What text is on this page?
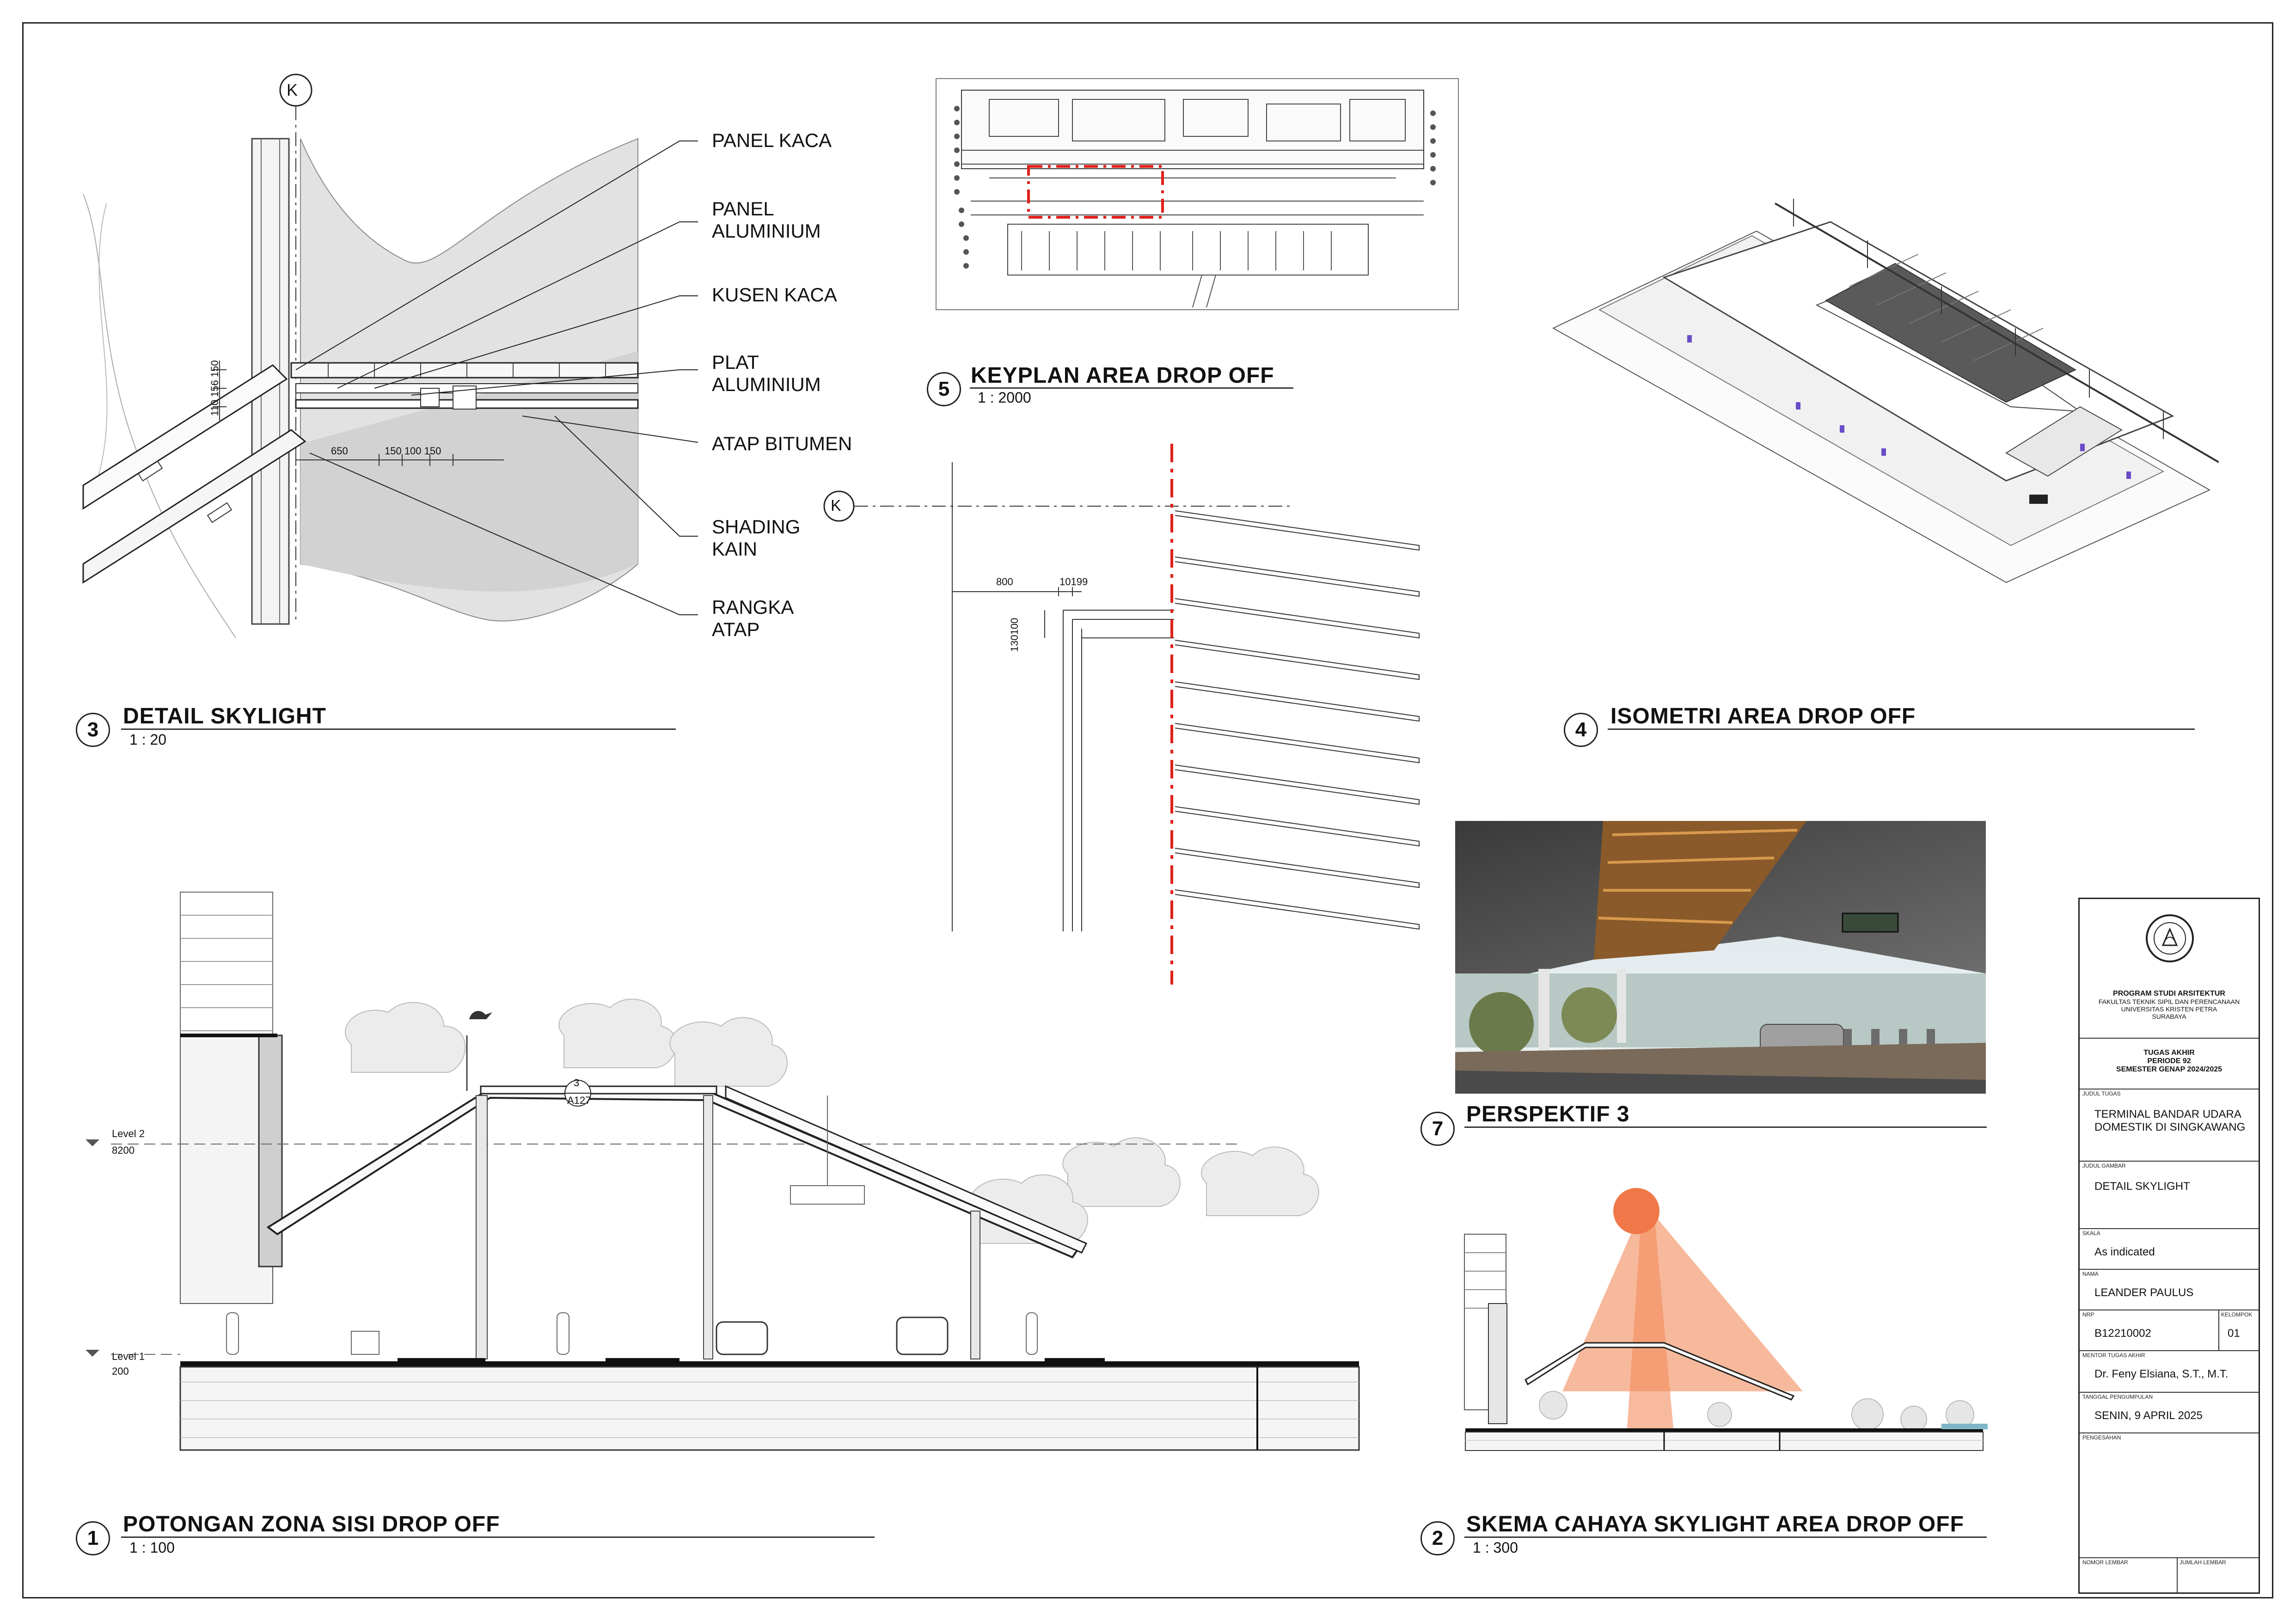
PANEL KACA
PANEL
ALUMINIUM
KUSEN KACA
PLAT
ALUMINIUM
ATAP BITUMEN
SHADING
KAIN
RANGKA
ATAP
K
110 156 150
650	150 100 150
3
DETAIL SKYLIGHT
1 : 20
5
KEYPLAN AREA DROP OFF
1 : 2000
K
800	10199
130100
4
ISOMETRI AREA DROP OFF
7
PERSPEKTIF 3
Level 2
8200
Level 1
200
3
A127
1
POTONGAN ZONA SISI DROP OFF
1 : 100	2
SKEMA CAHAYA SKYLIGHT AREA DROP OFF
1 : 300
PROGRAM STUDI ARSITEKTUR
FAKULTAS TEKNIK SIPIL DAN PERENCANAAN
UNIVERSITAS KRISTEN PETRA
SURABAYA
TUGAS AKHIR
PERIODE 92
SEMESTER GENAP 2024/2025
JUDUL TUGAS
TERMINAL BANDAR UDARA
DOMESTIK DI SINGKAWANG
JUDUL GAMBAR
DETAIL SKYLIGHT
SKALA
As indicated
NAMA
LEANDER PAULUS
NRP
B12210002
KELOMPOK
01
MENTOR TUGAS AKHIR
Dr. Feny Elsiana, S.T., M.T.
TANGGAL PENGUMPULAN
SENIN, 9 APRIL 2025
PENGESAHAN
NOMOR LEMBAR	JUMLAH LEMBAR
